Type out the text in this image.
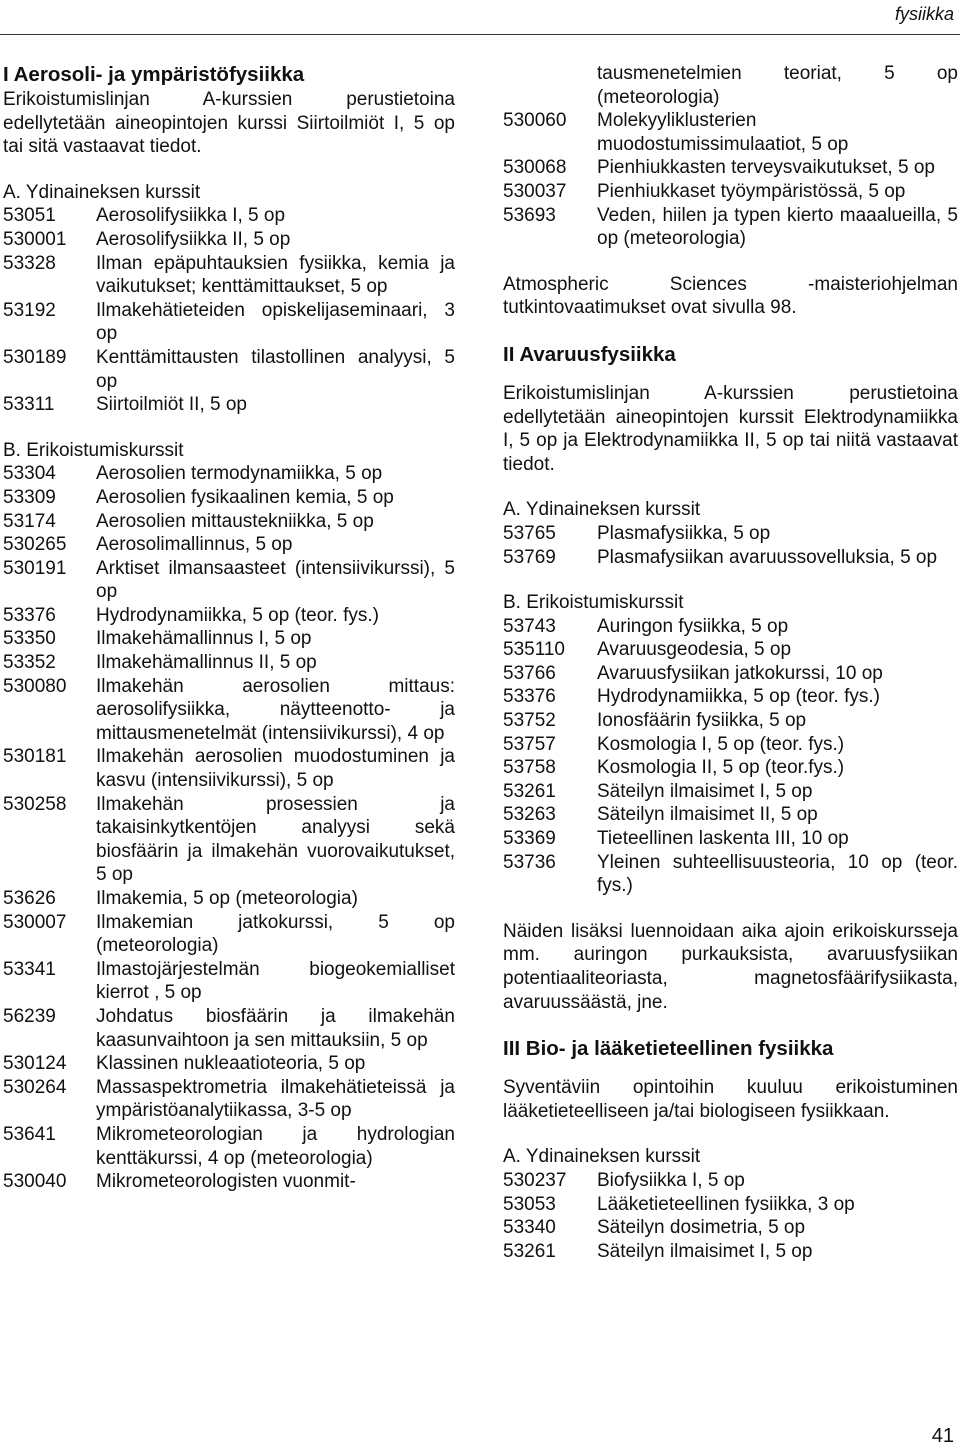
fysiikka
I Aerosoli- ja ympäristöfysiikka

Erikoistumislinjan A-kurssien perustietoina edellytetään aineopintojen kurssi Siirtoilmiöt I, 5 op tai sitä vastaavat tiedot.

A. Ydinaineksen kurssit
53051	Aerosolifysiikka I, 5 op
530001	Aerosolifysiikka II, 5 op
53328	Ilman epäpuhtauksien fysiikka, kemia ja vaikutukset; kenttämittaukset, 5 op
53192	Ilmakehätieteiden opiskelijaseminaari, 3 op
530189	Kenttämittausten tilastollinen analyysi, 5 op
53311	Siirtoilmiöt II, 5 op
B. Erikoistumiskurssit
53304	Aerosolien termodynamiikka, 5 op
53309	Aerosolien fysikaalinen kemia, 5 op
53174	Aerosolien mittaustekniikka, 5 op
530265	Aerosolimallinnus, 5 op
530191	Arktiset ilmansaasteet (intensiivikurssi), 5 op
53376	Hydrodynamiikka, 5 op (teor. fys.)
53350	Ilmakehämallinnus I, 5 op
53352	Ilmakehämallinnus II, 5 op
530080	Ilmakehän aerosolien mittaus: aerosolifysiikka, näytteenotto- ja mittausmenetelmät (intensiivikurssi), 4 op
530181	Ilmakehän aerosolien muodostuminen ja kasvu (intensiivikurssi), 5 op
530258	Ilmakehän prosessien ja takaisinkytkentöjen analyysi sekä biosfäärin ja ilmakehän vuorovaikutukset, 5 op
53626	Ilmakemia, 5 op (meteorologia)
530007	Ilmakemian jatkokurssi, 5 op (meteorologia)
53341	Ilmastojärjestelmän biogeokemialliset kierrot , 5 op
56239	Johdatus biosfäärin ja ilmakehän kaasunvaihtoon ja sen mittauksiin, 5 op
530124	Klassinen nukleaatioteoria, 5 op
530264	Massaspektrometria ilmakehätieteissä ja ympäristöanalytiikassa, 3-5 op
53641	Mikrometeorologian ja hydrologian kenttäkurssi, 4 op (meteorologia)
530040	Mikrometeorologisten vuonmit-
tausmenetelmien teoriat, 5 op (meteorologia)
530060	Molekyyliklusterien muodostumissimulaatiot, 5 op
530068	Pienhiukkasten terveysvaikutukset, 5 op
530037	Pienhiukkaset työympäristössä, 5 op
53693	Veden, hiilen ja typen kierto maaalueilla, 5 op (meteorologia)

Atmospheric Sciences -maisteriohjelman tutkintovaatimukset ovat sivulla 98.

II Avaruusfysiikka

Erikoistumislinjan A-kurssien perustietoina edellytetään aineopintojen kurssit Elektrodynamiikka I, 5 op ja Elektrodynamiikka II, 5 op tai niitä vastaavat tiedot.

A. Ydinaineksen kurssit
53765	Plasmafysiikka, 5 op
53769	Plasmafysiikan avaruussovelluksia, 5 op
B. Erikoistumiskurssit
53743	Auringon fysiikka, 5 op
535110	Avaruusgeodesia, 5 op
53766	Avaruusfysiikan jatkokurssi, 10 op
53376	Hydrodynamiikka, 5 op (teor. fys.)
53752	Ionosfäärin fysiikka, 5 op
53757	Kosmologia I, 5 op (teor. fys.)
53758	Kosmologia II, 5 op (teor.fys.)
53261	Säteilyn ilmaisimet I, 5 op
53263	Säteilyn ilmaisimet II, 5 op
53369	Tieteellinen laskenta III, 10 op
53736	Yleinen suhteellisuusteoria, 10 op (teor. fys.)

Näiden lisäksi luennoidaan aika ajoin erikoiskursseja mm. auringon purkauksista, avaruusfysiikan potentiaaliteoriasta, magnetosfäärifysiikasta, avaruussäästä, jne.

III Bio- ja lääketieteellinen fysiikka

Syventäviin opintoihin kuuluu erikoistuminen lääketieteelliseen ja/tai biologiseen fysiikkaan.

A. Ydinaineksen kurssit
530237	Biofysiikka I, 5 op
53053	Lääketieteellinen fysiikka, 3 op
53340	Säteilyn dosimetria, 5 op
53261	Säteilyn ilmaisimet I, 5 op
41
